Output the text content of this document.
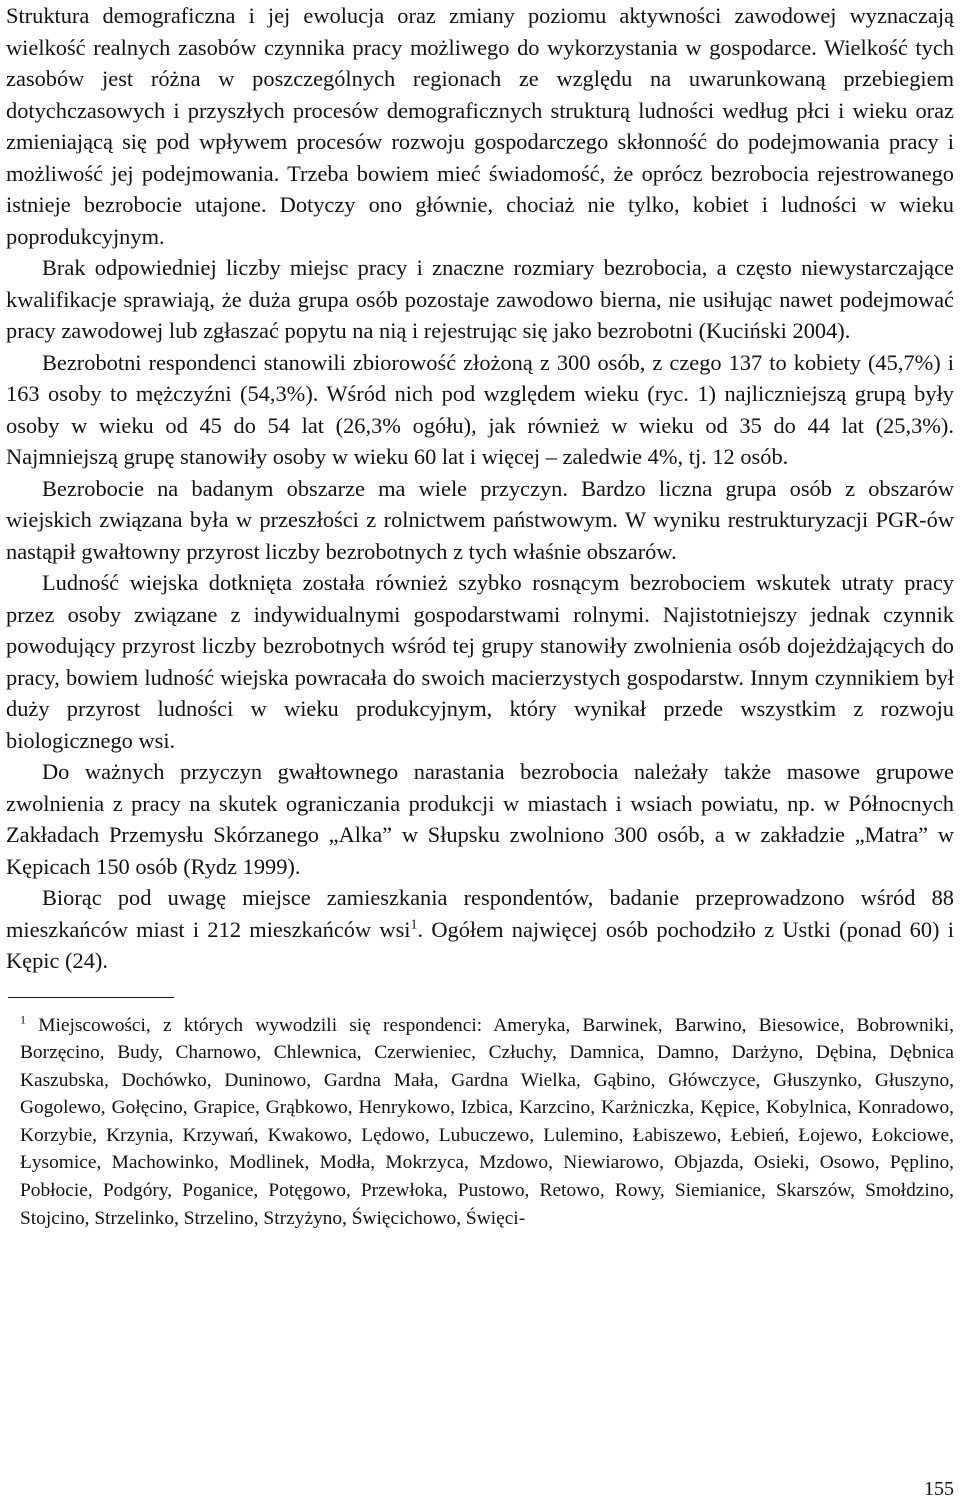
Struktura demograficzna i jej ewolucja oraz zmiany poziomu aktywności zawodowej wyznaczają wielkość realnych zasobów czynnika pracy możliwego do wykorzystania w gospodarce. Wielkość tych zasobów jest różna w poszczególnych regionach ze względu na uwarunkowaną przebiegiem dotychczasowych i przyszłych procesów demograficznych strukturą ludności według płci i wieku oraz zmieniającą się pod wpływem procesów rozwoju gospodarczego skłonność do podejmowania pracy i możliwość jej podejmowania. Trzeba bowiem mieć świadomość, że oprócz bezrobocia rejestrowanego istnieje bezrobocie utajone. Dotyczy ono głównie, chociaż nie tylko, kobiet i ludności w wieku poprodukcyjnym.

Brak odpowiedniej liczby miejsc pracy i znaczne rozmiary bezrobocia, a często niewystarczające kwalifikacje sprawiają, że duża grupa osób pozostaje zawodowo bierna, nie usiłując nawet podejmować pracy zawodowej lub zgłaszać popytu na nią i rejestrując się jako bezrobotni (Kuciński 2004).

Bezrobotni respondenci stanowili zbiorowość złożoną z 300 osób, z czego 137 to kobiety (45,7%) i 163 osoby to mężczyźni (54,3%). Wśród nich pod względem wieku (ryc. 1) najliczniejszą grupą były osoby w wieku od 45 do 54 lat (26,3% ogółu), jak również w wieku od 35 do 44 lat (25,3%). Najmniejszą grupę stanowiły osoby w wieku 60 lat i więcej – zaledwie 4%, tj. 12 osób.

Bezrobocie na badanym obszarze ma wiele przyczyn. Bardzo liczna grupa osób z obszarów wiejskich związana była w przeszłości z rolnictwem państwowym. W wyniku restrukturyzacji PGR-ów nastąpił gwałtowny przyrost liczby bezrobotnych z tych właśnie obszarów.

Ludność wiejska dotknięta została również szybko rosnącym bezrobociem wskutek utraty pracy przez osoby związane z indywidualnymi gospodarstwami rolnymi. Najistotniejszy jednak czynnik powodujący przyrost liczby bezrobotnych wśród tej grupy stanowiły zwolnienia osób dojeżdżających do pracy, bowiem ludność wiejska powracała do swoich macierzystych gospodarstw. Innym czynnikiem był duży przyrost ludności w wieku produkcyjnym, który wynikał przede wszystkim z rozwoju biologicznego wsi.

Do ważnych przyczyn gwałtownego narastania bezrobocia należały także masowe grupowe zwolnienia z pracy na skutek ograniczania produkcji w miastach i wsiach powiatu, np. w Północnych Zakładach Przemysłu Skórzanego „Alka” w Słupsku zwolniono 300 osób, a w zakładzie „Matra” w Kępicach 150 osób (Rydz 1999).

Biorąc pod uwagę miejsce zamieszkania respondentów, badanie przeprowadzono wśród 88 mieszkańców miast i 212 mieszkańców wsi$^1$. Ogółem najwięcej osób pochodziło z Ustki (ponad 60) i Kępic (24).

$^1$ Miejscowości, z których wywodzili się respondenci: Ameryka, Barwinek, Barwino, Biesowice, Bobrowniki, Borzęcino, Budy, Charnowo, Chlewnica, Czerwieniec, Człuchy, Damnica, Damno, Darżyno, Dębina, Dębnica Kaszubska, Dochówko, Duninowo, Gardna Mała, Gardna Wielka, Gąbino, Główczyce, Głuszynko, Głuszyno, Gogolewo, Gołęcino, Grapice, Grąbkowo, Henrykowo, Izbica, Karzcino, Karżniczka, Kępice, Kobylnica, Konradowo, Korzybie, Krzynia, Krzywań, Kwakowo, Lędowo, Lubuczewo, Lulemino, Łabiszewo, Łebień, Łojewo, Łokciowe, Łysomice, Machowinko, Modlinek, Modła, Mokrzyca, Mzdowo, Niewiarowo, Objazda, Osieki, Osowo, Pęplino, Pobłocie, Podgóry, Poganice, Potęgowo, Przewłoka, Pustowo, Retowo, Rowy, Siemianice, Skarszów, Smołdzino, Stojcino, Strzelinko, Strzelino, Strzyżyno, Święcichowo, Święci-
155
